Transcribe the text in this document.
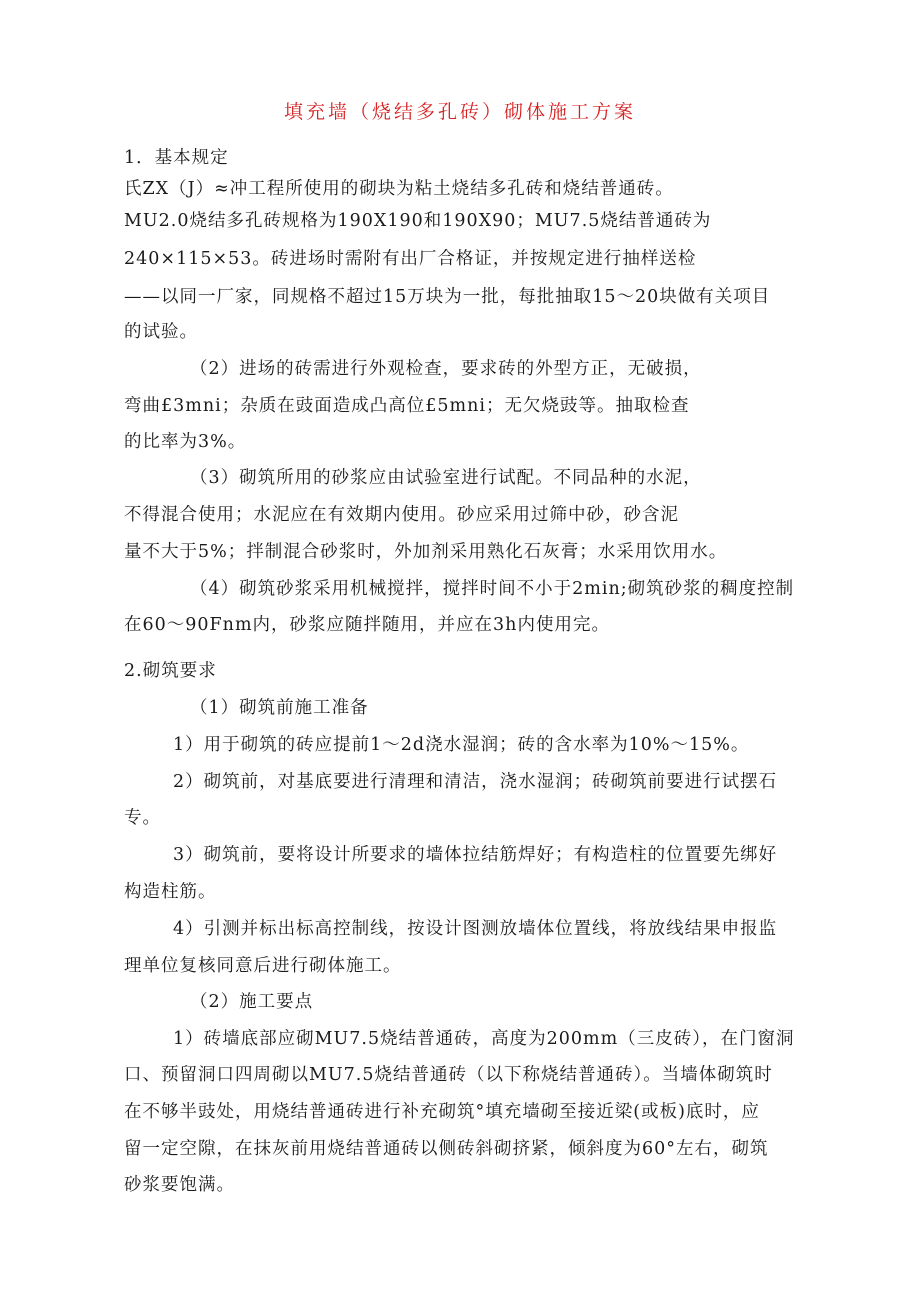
填充墙（烧结多孔砖）砌体施工方案
1．基本规定
氏ZX（J）≈冲工程所使用的砌块为粘土烧结多孔砖和烧结普通砖。
MU2.0烧结多孔砖规格为190X190和190X90；MU7.5烧结普通砖为
240×115×53。砖进场时需附有出厂合格证，并按规定进行抽样送检
——以同一厂家，同规格不超过15万块为一批，每批抽取15～20块做有关项目
的试验。
（2）进场的砖需进行外观检查，要求砖的外型方正，无破损，
弯曲£3mni；杂质在豉面造成凸高位£5mni；无欠烧豉等。抽取检查
的比率为3%。
（3）砌筑所用的砂浆应由试验室进行试配。不同品种的水泥，
不得混合使用；水泥应在有效期内使用。砂应采用过筛中砂，砂含泥
量不大于5%；拌制混合砂浆时，外加剂采用熟化石灰膏；水采用饮用水。
（4）砌筑砂浆采用机械搅拌，搅拌时间不小于2min;砌筑砂浆的稠度控制
在60～90Fnm内，砂浆应随拌随用，并应在3h内使用完。
2.砌筑要求
（1）砌筑前施工准备
1）用于砌筑的砖应提前1～2d浇水湿润；砖的含水率为10%～15%。
2）砌筑前，对基底要进行清理和清洁，浇水湿润；砖砌筑前要进行试摆石
专。
3）砌筑前，要将设计所要求的墙体拉结筋焊好；有构造柱的位置要先绑好
构造柱筋。
4）引测并标出标高控制线，按设计图测放墙体位置线，将放线结果申报监
理单位复核同意后进行砌体施工。
（2）施工要点
1）砖墙底部应砌MU7.5烧结普通砖，高度为200mm（三皮砖），在门窗洞
口、预留洞口四周砌以MU7.5烧结普通砖（以下称烧结普通砖）。当墙体砌筑时
在不够半豉处，用烧结普通砖进行补充砌筑°填充墙砌至接近梁(或板)底时，应
留一定空隙，在抹灰前用烧结普通砖以侧砖斜砌挤紧，倾斜度为60°左右，砌筑
砂浆要饱满。
